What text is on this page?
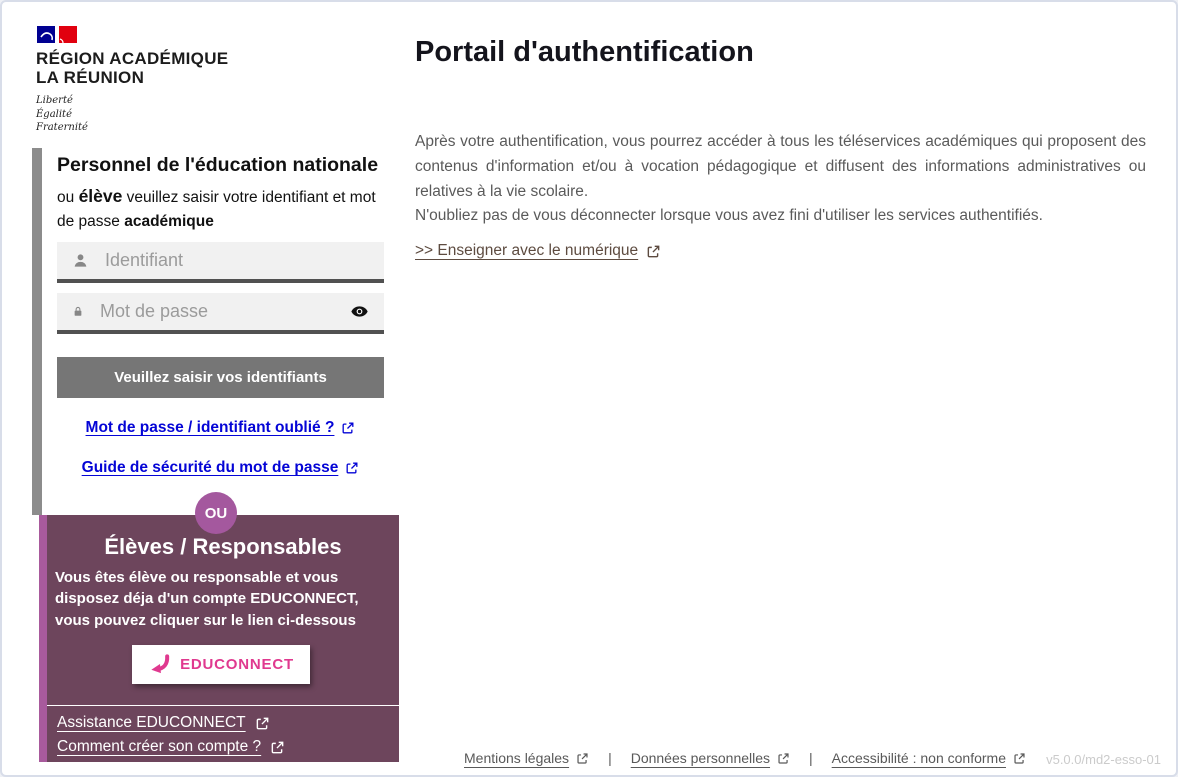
RÉGION ACADÉMIQUE
LA RÉUNION
Liberté
Égalité
Fraternité
Personnel de l'éducation nationale
ou élève veuillez saisir votre identifiant et mot de passe académique
Identifiant
Veuillez saisir vos identifiants
Mot de passe / identifiant oublié ?
Guide de sécurité du mot de passe
OU
Élèves / Responsables
Vous êtes élève ou responsable et vous disposez déja d'un compte EDUCONNECT, vous pouvez cliquer sur le lien ci-dessous
EDUCONNECT
Assistance EDUCONNECT
Comment créer son compte ?
Portail d'authentification
Après votre authentification, vous pourrez accéder à tous les téléservices académiques qui proposent des contenus d'information et/ou à vocation pédagogique et diffusent des informations administratives ou relatives à la vie scolaire.
N'oubliez pas de vous déconnecter lorsque vous avez fini d'utiliser les services authentifiés.
>> Enseigner avec le numérique
Mentions légales	| Données personnelles	| Accessibilité : non conforme	v5.0.0/md2-esso-01
